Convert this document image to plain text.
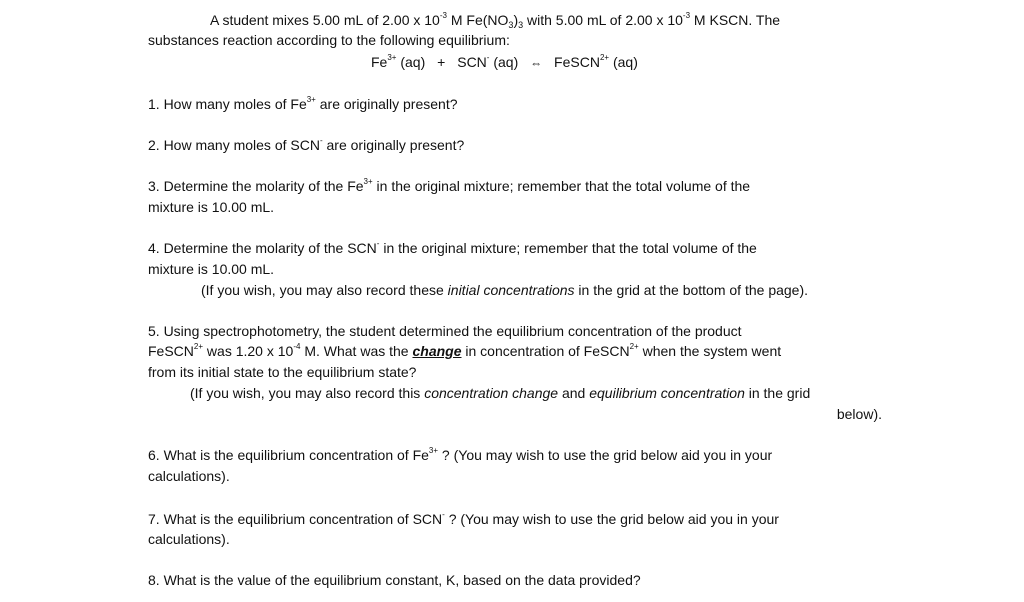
A student mixes 5.00 mL of 2.00 x $10^{-3}$ M $Fe(NO_3)_3$ with 5.00 mL of 2.00 x $10^{-3}$ M KSCN. The
substances reaction according to the following equilibrium:
$Fe^{3+}$ (aq) + SCN- (aq) ⇔ FeSCN$^{2+}$ (aq)
1. How many moles of $Fe^{3+}$ are originally present?
2. How many moles of SCN- are originally present?
3. Determine the molarity of the $Fe^{3+}$ in the original mixture; remember that the total volume of the
mixture is 10.00 mL.
4. Determine the molarity of the SCN- in the original mixture; remember that the total volume of the
mixture is 10.00 mL.
(If you wish, you may also record these initial concentrations in the grid at the bottom of the page).
5. Using spectrophotometry, the student determined the equilibrium concentration of the product
FeSCN$^{2+}$ was 1.20 x $10^{-4}$ M. What was the change in concentration of FeSCN$^{2+}$ when the system went
from its initial state to the equilibrium state?
(If you wish, you may also record this concentration change and equilibrium concentration in the grid
below).
6. What is the equilibrium concentration of $Fe^{3+}$ ? (You may wish to use the grid below aid you in your
calculations).
7. What is the equilibrium concentration of SCN- ? (You may wish to use the grid below aid you in your
calculations).
8. What is the value of the equilibrium constant, K, based on the data provided?
